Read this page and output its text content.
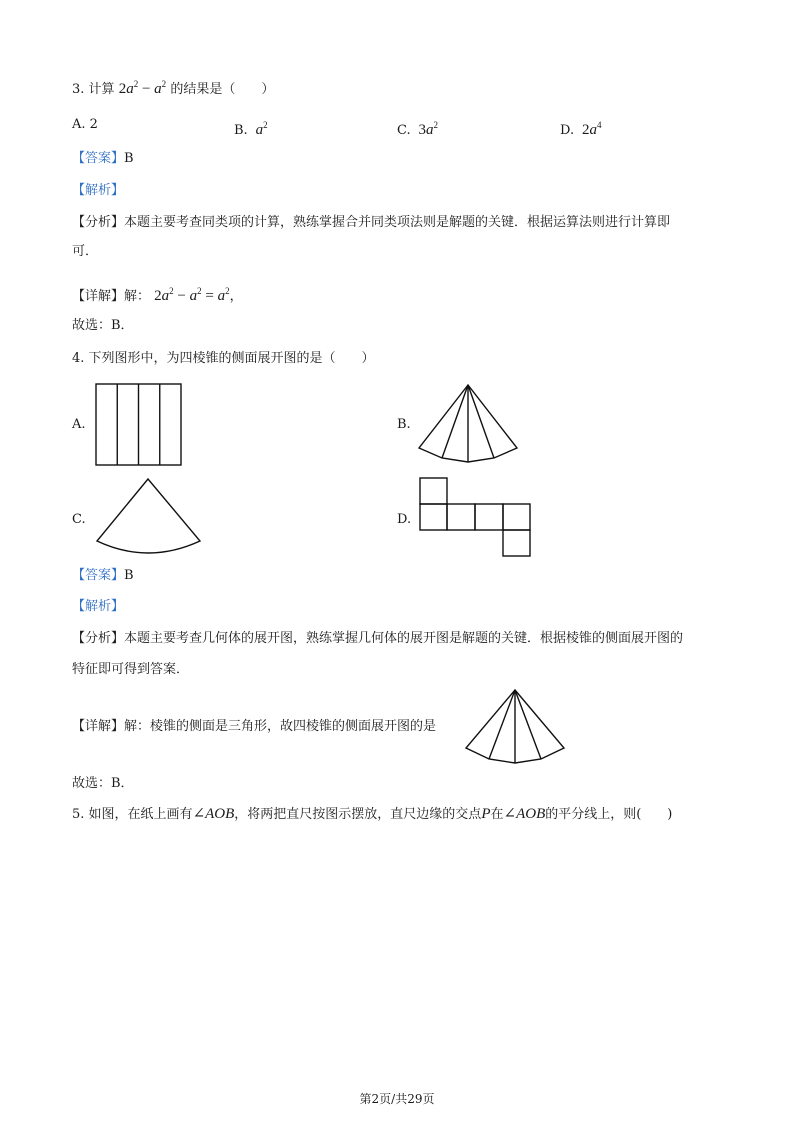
3. 计算 $2a^2 - a^2$ 的结果是（　　）
A. 2	B. $a^2$	C.  $3a^2$	D.  $2a^4$
【答案】B
【解析】
【分析】本题主要考查同类项的计算，熟练掌握合并同类项法则是解题的关键．根据运算法则进行计算即
可．
【详解】解： $2a^2 - a^2 = a^2$，
故选：B．
4. 下列图形中，为四棱锥的侧面展开图的是（　　）
A.	B.
C.	D.
【答案】B
【解析】
【分析】本题主要考查几何体的展开图，熟练掌握几何体的展开图是解题的关键．根据棱锥的侧面展开图的
特征即可得到答案．
【详解】解：棱锥的侧面是三角形，故四棱锥的侧面展开图的是
故选：B．
5. 如图，在纸上画有∠AOB，将两把直尺按图示摆放，直尺边缘的交点P在∠AOB的平分线上，则(　　)
第2页/共29页
